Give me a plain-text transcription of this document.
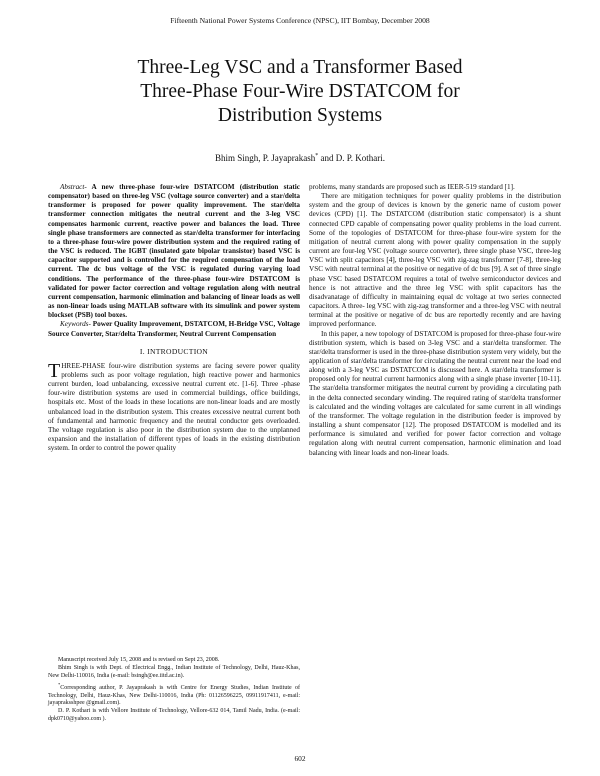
Fifteenth National Power Systems Conference (NPSC), IIT Bombay, December 2008
Three-Leg VSC and a Transformer Based
Three-Phase Four-Wire DSTATCOM for
Distribution Systems
Bhim Singh, P. Jayaprakash* and D. P. Kothari.

Abstract- A new three-phase four-wire DSTATCOM (distribution static compensator) based on three-leg VSC (voltage source converter) and a star/delta transformer is proposed for power quality improvement. The star/delta transformer connection mitigates the neutral current and the 3-leg VSC compensates harmonic current, reactive power and balances the load. Three single phase transformers are connected as star/delta transformer for interfacing to a three-phase four-wire power distribution system and the required rating of the VSC is reduced. The IGBT (insulated gate bipolar transistor) based VSC is capacitor supported and is controlled for the required compensation of the load current. The dc bus voltage of the VSC is regulated during varying load conditions. The performance of the three-phase four-wire DSTATCOM is validated for power factor correction and voltage regulation along with neutral current compensation, harmonic elimination and balancing of linear loads as well as non-linear loads using MATLAB software with its simulink and power system blockset (PSB) tool boxes.

Keywords- Power Quality Improvement, DSTATCOM, H-Bridge VSC, Voltage Source Converter, Star/delta Transformer, Neutral Current Compensation

I. INTRODUCTION

THREE-PHASE four-wire distribution systems are facing severe power quality problems such as poor voltage regulation, high reactive power and harmonics current burden, load unbalancing, excessive neutral current etc. [1-6]. Three -phase four-wire distribution systems are used in commercial buildings, office buildings, hospitals etc. Most of the loads in these locations are non-linear loads and are mostly unbalanced load in the distribution system. This creates excessive neutral current both of fundamental and harmonic frequency and the neutral conductor gets overloaded. The voltage regulation is also poor in the distribution system due to the unplanned expansion and the installation of different types of loads in the existing distribution system. In order to control the power quality

problems, many standards are proposed such as IEER-519 standard [1].

There are mitigation techniques for power quality problems in the distribution system and the group of devices is known by the generic name of custom power devices (CPD) [1]. The DSTATCOM (distribution static compensator) is a shunt connected CPD capable of compensating power quality problems in the load current. Some of the topologies of DSTATCOM for three-phase four-wire system for the mitigation of neutral current along with power quality compensation in the supply current are four-leg VSC (voltage source converter), three single phase VSC, three-leg VSC with split capacitors [4], three-leg VSC with zig-zag transformer [7-8], three-leg VSC with neutral terminal at the positive or negative of dc bus [9]. A set of three single phase VSC based DSTATCOM requires a total of twelve semiconductor devices and hence is not attractive and the three leg VSC with split capacitors has the disadvanatage of difficulty in maintaining equal dc voltage at two series connected capacitors. A three- leg VSC with zig-zag transformer and a three-leg VSC with neutral terminal at the positive or negative of dc bus are reportedly recently and are having improved performance.

In this paper, a new topology of DSTATCOM is proposed for three-phase four-wire distribution system, which is based on 3-leg VSC and a star/delta transformer. The star/delta transformer is used in the three-phase distribution system very widely, but the application of star/delta transformer for circulating the neutral current near the load end along with a 3-leg VSC as DSTATCOM is discussed here. A star/delta transformer is proposed only for neutral current harmonics along with a single phase inverter [10-11]. The star/delta transformer mitigates the neutral current by providing a circulating path in the delta connected secondary winding. The required rating of star/delta transformer is calculated and the winding voltages are calculated for same current in all windings of the transformer. The voltage regulation in the distribution feeder is improved by installing a shunt compensator [12]. The proposed DSTATCOM is modelled and its performance is simulated and verified for power factor correction and voltage regulation along with neutral current compensation, harmonic elimination and load balancing with linear loads and non-linear loads.

Manuscript received July 15, 2008 and is revised on Sept 23, 2008.

Bhim Singh is with Dept. of Electrical Engg., Indian Institute of Technology, Delhi, Hauz-Khas, New Delhi-110016, India (e-mail: bsingh@ee.iitd.ac.in).

*Corresponding author, P. Jayaprakash is with Centre for Energy Studies, Indian Institute of Technology, Delhi, Hauz-Khas, New Delhi-110016, India (Ph: 01126596225, 09911917411, e-mail: jayapraksshpee @gmail.com).

D. P. Kothari is with Vellore Institute of Technology, Vellore-632 014, Tamil Nadu, India. (e-mail: dpk0710@yahoo.com ).

602
